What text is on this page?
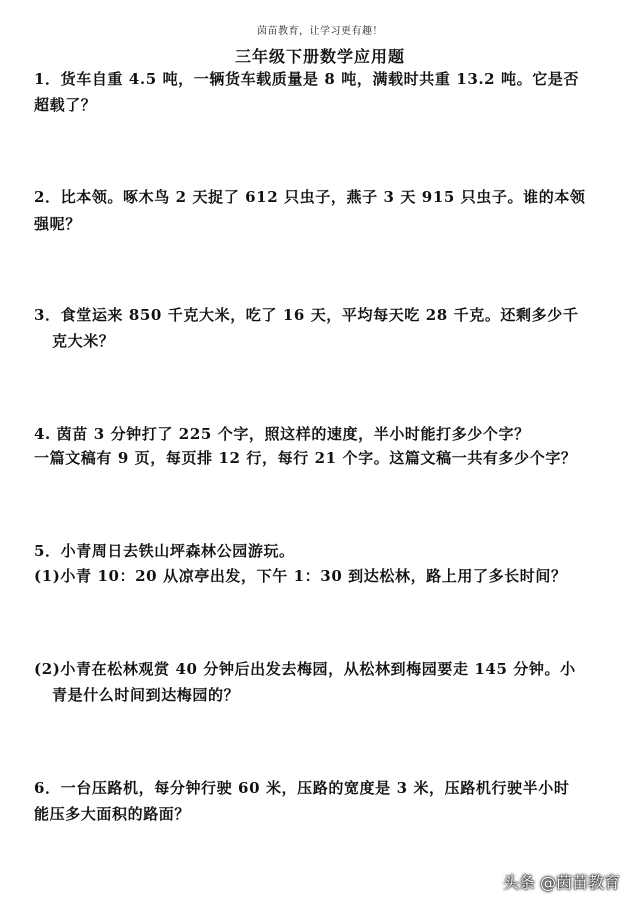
茵苗教育，让学习更有趣！
三年级下册数学应用题
1．货车自重 4.5 吨，一辆货车载质量是 8 吨，满载时共重 13.2 吨。它是否
超载了？
2．比本领。啄木鸟 2 天捉了 612 只虫子，燕子 3 天 915 只虫子。谁的本领
强呢？
3．食堂运来 850 千克大米，吃了 16 天，平均每天吃 28 千克。还剩多少千
克大米？
4. 茵苗 3 分钟打了 225 个字，照这样的速度，半小时能打多少个字？
一篇文稿有 9 页，每页排 12 行，每行 21 个字。这篇文稿一共有多少个字？
5．小青周日去铁山坪森林公园游玩。
(1)小青 10：20 从凉亭出发，下午 1：30 到达松林，路上用了多长时间？
(2)小青在松林观赏 40 分钟后出发去梅园，从松林到梅园要走 145 分钟。小
青是什么时间到达梅园的？
6．一台压路机，每分钟行驶 60 米，压路的宽度是 3 米，压路机行驶半小时
能压多大面积的路面？
头条 @茵苗教育
